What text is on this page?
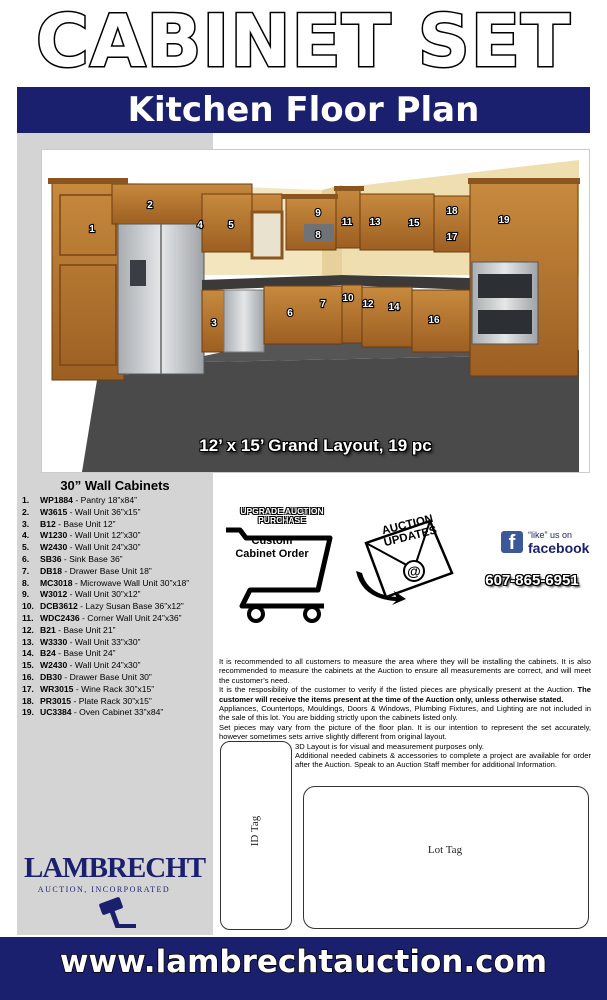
CABINET SET
Kitchen Floor Plan
1
2
3
4	5
6
7
8
9
10
11
12
13
14
15
16
17
18
19
12’ x 15’ Grand Layout, 19 pc
30” Wall Cabinets
1. WP1884 - Pantry 18”x84”
2. W3615 - Wall Unit 36”x15”
3. B12 - Base Unit 12”
4. W1230 - Wall Unit 12”x30”
5. W2430 - Wall Unit 24”x30”
6. SB36 - Sink Base 36”
7. DB18 - Drawer Base Unit 18”
8. MC3018 - Microwave Wall Unit 30”x18”
9. W3012 - Wall Unit 30”x12”
10. DCB3612 - Lazy Susan Base 36”x12”
11. WDC2436 - Corner Wall Unit 24”x36”
12. B21 - Base Unit 21”
13. W3330 - Wall Unit 33”x30”
14. B24 - Base Unit 24”
15. W2430 - Wall Unit 24”x30”
16. DB30 - Drawer Base Unit 30”
17. WR3015 - Wine Rack 30”x15”
18. PR3015 - Plate Rack 30”x15”
19. UC3384 - Oven Cabinet 33”x84”
UPGRADE AUCTION PURCHASE
Custom Cabinet Order
@
AUCTION UPDATES	f	“like” us on
facebook
607-865-6951

It is recommended to all customers to measure the area where they will be installing the cabinets. It is also recommended to measure the cabinets at the Auction to ensure all measurements are correct, and will meet the customer’s need.

It is the resposibility of the customer to verify if the listed pieces are physically present at the Auction. The customer will receive the items present at the time of the Auction only, unless otherwise stated.

Appliances, Countertops, Mouldings, Doors & Windows, Plumbing Fixtures, and Lighting are not included in the sale of this lot. You are bidding strictly upon the cabinets listed only.

Set pieces may vary from the picture of the floor plan. It is our intention to represent the set accurately, however sometimes sets arrive slightly different from original layout.

3D Layout is for visual and measurement purposes only.

Additional needed cabinets & accessories to complete a project are available for order after the Auction. Speak to an Auction Staff member for additional Information.

ID Tag
Lot Tag
LAMBRECHT
AUCTION, INCORPORATED
www.lambrechtauction.com
